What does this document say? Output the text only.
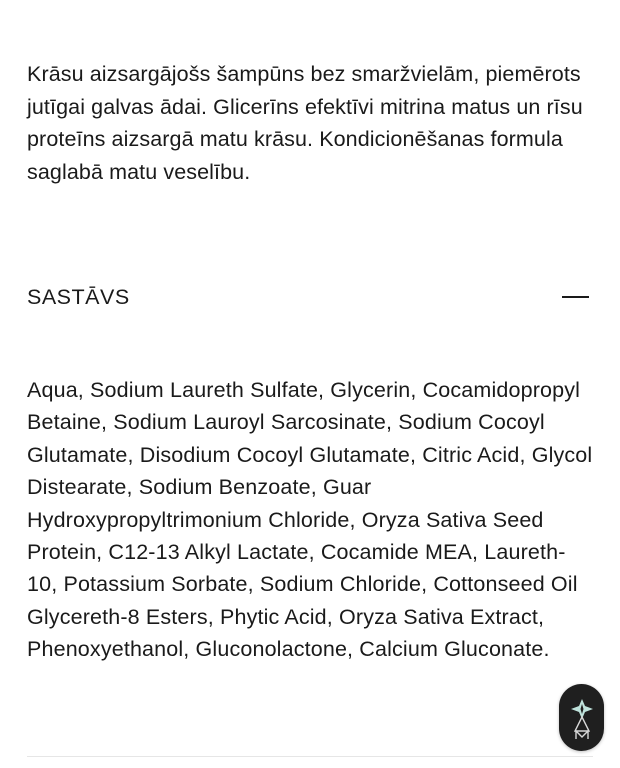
Krāsu aizsargājošs šampūns bez smaržvielām, piemērots jutīgai galvas ādai. Glicerīns efektīvi mitrina matus un rīsu proteīns aizsargā matu krāsu. Kondicionēšanas formula saglabā matu veselību.

SASTĀVS

Aqua, Sodium Laureth Sulfate, Glycerin, Cocamidopropyl Betaine, Sodium Lauroyl Sarcosinate, Sodium Cocoyl Glutamate, Disodium Cocoyl Glutamate, Citric Acid, Glycol Distearate, Sodium Benzoate, Guar Hydroxypropyltrimonium Chloride, Oryza Sativa Seed Protein, C12-13 Alkyl Lactate, Cocamide MEA, Laureth-10, Potassium Sorbate, Sodium Chloride, Cottonseed Oil Glycereth-8 Esters, Phytic Acid, Oryza Sativa Extract, Phenoxyethanol, Gluconolactone, Calcium Gluconate.
